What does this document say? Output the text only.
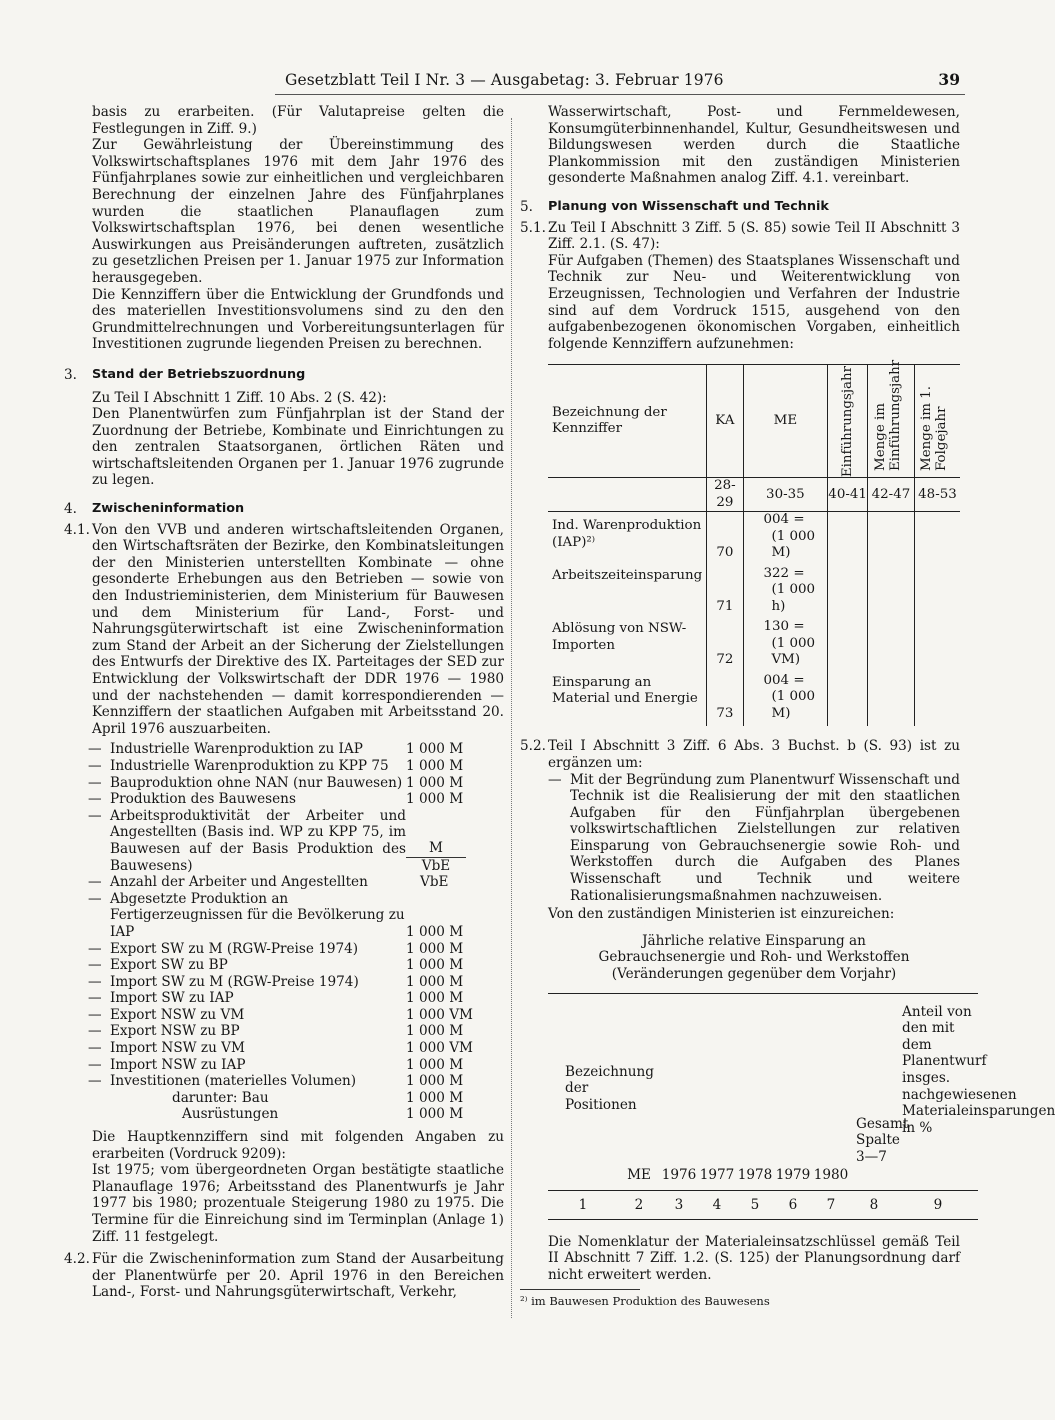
Gesetzblatt Teil I Nr. 3 — Ausgabetag: 3. Februar 1976	39

basis zu erarbeiten. (Für Valutapreise gelten die Festlegungen in Ziff. 9.)

Zur Gewährleistung der Übereinstimmung des Volkswirtschaftsplanes 1976 mit dem Jahr 1976 des Fünfjahrplanes sowie zur einheitlichen und vergleichbaren Berechnung der einzelnen Jahre des Fünfjahrplanes wurden die staatlichen Planauflagen zum Volkswirtschaftsplan 1976, bei denen wesentliche Auswirkungen aus Preisänderungen auftreten, zusätzlich zu gesetzlichen Preisen per 1. Januar 1975 zur Information herausgegeben.

Die Kennziffern über die Entwicklung der Grundfonds und des materiellen Investitionsvolumens sind zu den den Grundmittelrechnungen und Vorbereitungsunterlagen für Investitionen zugrunde liegenden Preisen zu berechnen.

3.	Stand der Betriebszuordnung

Zu Teil I Abschnitt 1 Ziff. 10 Abs. 2 (S. 42):

Den Planentwürfen zum Fünfjahrplan ist der Stand der Zuordnung der Betriebe, Kombinate und Einrichtungen zu den zentralen Staatsorganen, örtlichen Räten und wirtschaftsleitenden Organen per 1. Januar 1976 zugrunde zu legen.

4.	Zwischeninformation
4.1. Von den VVB und anderen wirtschaftsleitenden Organen, den Wirtschaftsräten der Bezirke, den Kombinatsleitungen der den Ministerien unterstellten Kombinate — ohne gesonderte Erhebungen aus den Betrieben — sowie von den Industrieministerien, dem Ministerium für Bauwesen und dem Ministerium für Land-, Forst- und Nahrungsgüterwirtschaft ist eine Zwischeninformation zum Stand der Arbeit an der Sicherung der Zielstellungen des Entwurfs der Direktive des IX. Parteitages der SED zur Entwicklung der Volkswirtschaft der DDR 1976 — 1980 und der nachstehenden — damit korrespondierenden — Kennziffern der staatlichen Aufgaben mit Arbeitsstand 20. April 1976 auszuarbeiten.
— Industrielle Warenproduktion zu IAP	1 000 M
— Industrielle Warenproduktion zu KPP 75	1 000 M
— Bauproduktion ohne NAN (nur Bauwesen) 1 000 M
— Produktion des Bauwesens	1 000 M
— Arbeitsproduktivität der Arbeiter und Angestellten (Basis ind. WP zu KPP 75, im Bauwesen auf der Basis Produktion des Bauwesens)
M
VbE
— Anzahl der Arbeiter und Angestellten	VbE
— Abgesetzte Produktion an Fertigerzeugnissen für die Bevölkerung zu IAP	1 000 M
— Export SW zu M (RGW-Preise 1974)	1 000 M
— Export SW zu BP	1 000 M
— Import SW zu M (RGW-Preise 1974)	1 000 M
— Import SW zu IAP	1 000 M
— Export NSW zu VM	1 000 VM
— Export NSW zu BP	1 000 M
— Import NSW zu VM	1 000 VM
— Import NSW zu IAP	1 000 M
— Investitionen (materielles Volumen)	1 000 M
darunter: Bau	1 000 M
Ausrüstungen	1 000 M

Die Hauptkennziffern sind mit folgenden Angaben zu erarbeiten (Vordruck 9209):

Ist 1975; vom übergeordneten Organ bestätigte staatliche Planauflage 1976; Arbeitsstand des Planentwurfs je Jahr 1977 bis 1980; prozentuale Steigerung 1980 zu 1975. Die Termine für die Einreichung sind im Terminplan (Anlage 1) Ziff. 11 festgelegt.

4.2. Für die Zwischeninformation zum Stand der Ausarbeitung der Planentwürfe per 20. April 1976 in den Bereichen Land-, Forst- und Nahrungsgüterwirtschaft, Verkehr,

Wasserwirtschaft, Post- und Fernmeldewesen, Konsumgüterbinnenhandel, Kultur, Gesundheitswesen und Bildungswesen werden durch die Staatliche Plankommission mit den zuständigen Ministerien gesonderte Maßnahmen analog Ziff. 4.1. vereinbart.

5.	Planung von Wissenschaft und Technik
5.1. Zu Teil I Abschnitt 3 Ziff. 5 (S. 85) sowie Teil II Abschnitt 3 Ziff. 2.1. (S. 47):

Für Aufgaben (Themen) des Staatsplanes Wissenschaft und Technik zur Neu- und Weiterentwicklung von Erzeugnissen, Technologien und Verfahren der Industrie sind auf dem Vordruck 1515, ausgehend von den aufgabenbezogenen ökonomischen Vorgaben, einheitlich folgende Kennziffern aufzunehmen:

Bezeichnung der Kennziffer	KA	ME	Einführungsjahr	Menge im Einführungsjahr	Menge im 1. Folgejahr

	28-29	30-35	40-41	42-47	48-53
Ind. Warenproduktion (IAP)²⁾	70	004 =
(1 000 M)			

Arbeitszeiteinsparung	71	322 =
(1 000 h)			

Ablösung von NSW-Importen	72	130 =
(1 000 VM)			

Einsparung an Material und Energie	73	004 =
(1 000 M)			

5.2. Teil I Abschnitt 3 Ziff. 6 Abs. 3 Buchst. b (S. 93) ist zu ergänzen um:
— Mit der Begründung zum Planentwurf Wissenschaft und Technik ist die Realisierung der mit den staatlichen Aufgaben für den Fünfjahrplan übergebenen volkswirtschaftlichen Zielstellungen zur relativen Einsparung von Gebrauchsenergie sowie Roh- und Werkstoffen durch die Aufgaben des Planes Wissenschaft und Technik und weitere Rationalisierungsmaßnahmen nachzuweisen.

Von den zuständigen Ministerien ist einzureichen:

Jährliche relative Einsparung an
Gebrauchsenergie und Roh- und Werkstoffen
(Veränderungen gegenüber dem Vorjahr)
Bezeichnung der Positionen
ME 1976 1977 1978 1979 1980
Gesamt Spalte 3—7
Anteil von den mit dem Planentwurf insges. nachgewiesenen Materialeinsparungen in %
1	2	3	4	5	6	7	8	9

Die Nomenklatur der Materialeinsatzschlüssel gemäß Teil II Abschnitt 7 Ziff. 1.2. (S. 125) der Planungsordnung darf nicht erweitert werden.

²⁾ im Bauwesen Produktion des Bauwesens
